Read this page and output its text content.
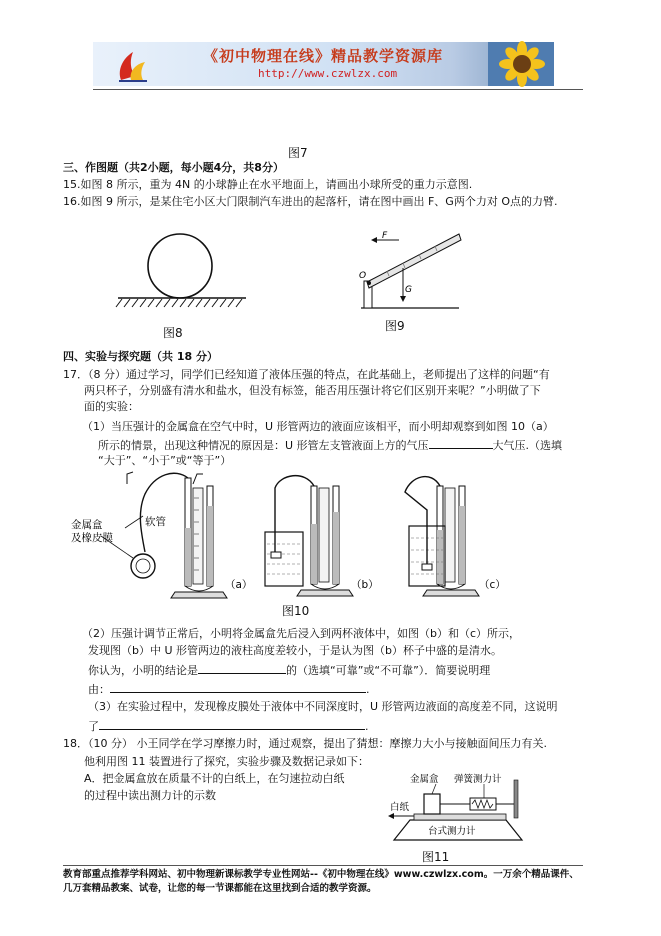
《初中物理在线》精品教学资源库
http://www.czwlzx.com
图7
三、作图题（共2小题，每小题4分，共8分）
15.如图 8 所示，重为 4N 的小球静止在水平地面上，请画出小球所受的重力示意图.
16.如图 9 所示，是某住宅小区大门限制汽车进出的起落杆，请在图中画出 F、G两个力对 O点的力臂.
图8
F
G
O
图9
四、实验与探究题（共 18 分）
17．（8 分）通过学习，同学们已经知道了液体压强的特点，在此基础上，老师提出了这样的问题“有
两只杯子，分别盛有清水和盐水，但没有标签，能否用压强计将它们区别开来呢？”小明做了下
面的实验：
（1）当压强计的金属盒在空气中时，U 形管两边的液面应该相平，而小明却观察到如图 10（a）
所示的情景，出现这种情况的原因是：U 形管左支管液面上方的气压	大气压.（选填
“大于”、“小于”或“等于”）
金属盒
及橡皮膜
软管
（a）	（b）	（c）
图10
（2）压强计调节正常后，小明将金属盒先后浸入到两杯液体中，如图（b）和（c）所示，
发现图（b）中 U 形管两边的液柱高度差较小，于是认为图（b）杯子中盛的是清水。
你认为，小明的结论是	的（选填“可靠”或“不可靠”）．简要说明理
由：	.
（3）在实验过程中，发现橡皮膜处于液体中不同深度时，U 形管两边液面的高度差不同，这说明
了	.
18．（10 分） 小王同学在学习摩擦力时，通过观察，提出了猜想：摩擦力大小与接触面间压力有关.
他利用图 11 装置进行了探究，实验步骤及数据记录如下：
A．把金属盒放在质量不计的白纸上，在匀速拉动白纸
的过程中读出测力计的示数
金属盒 弹簧测力计
白纸
台式测力计
图11
教育部重点推荐学科网站、初中物理新课标教学专业性网站--《初中物理在线》www.czwlzx.com。一万余个精品课件、
几万套精品教案、试卷，让您的每一节课都能在这里找到合适的教学资源。
